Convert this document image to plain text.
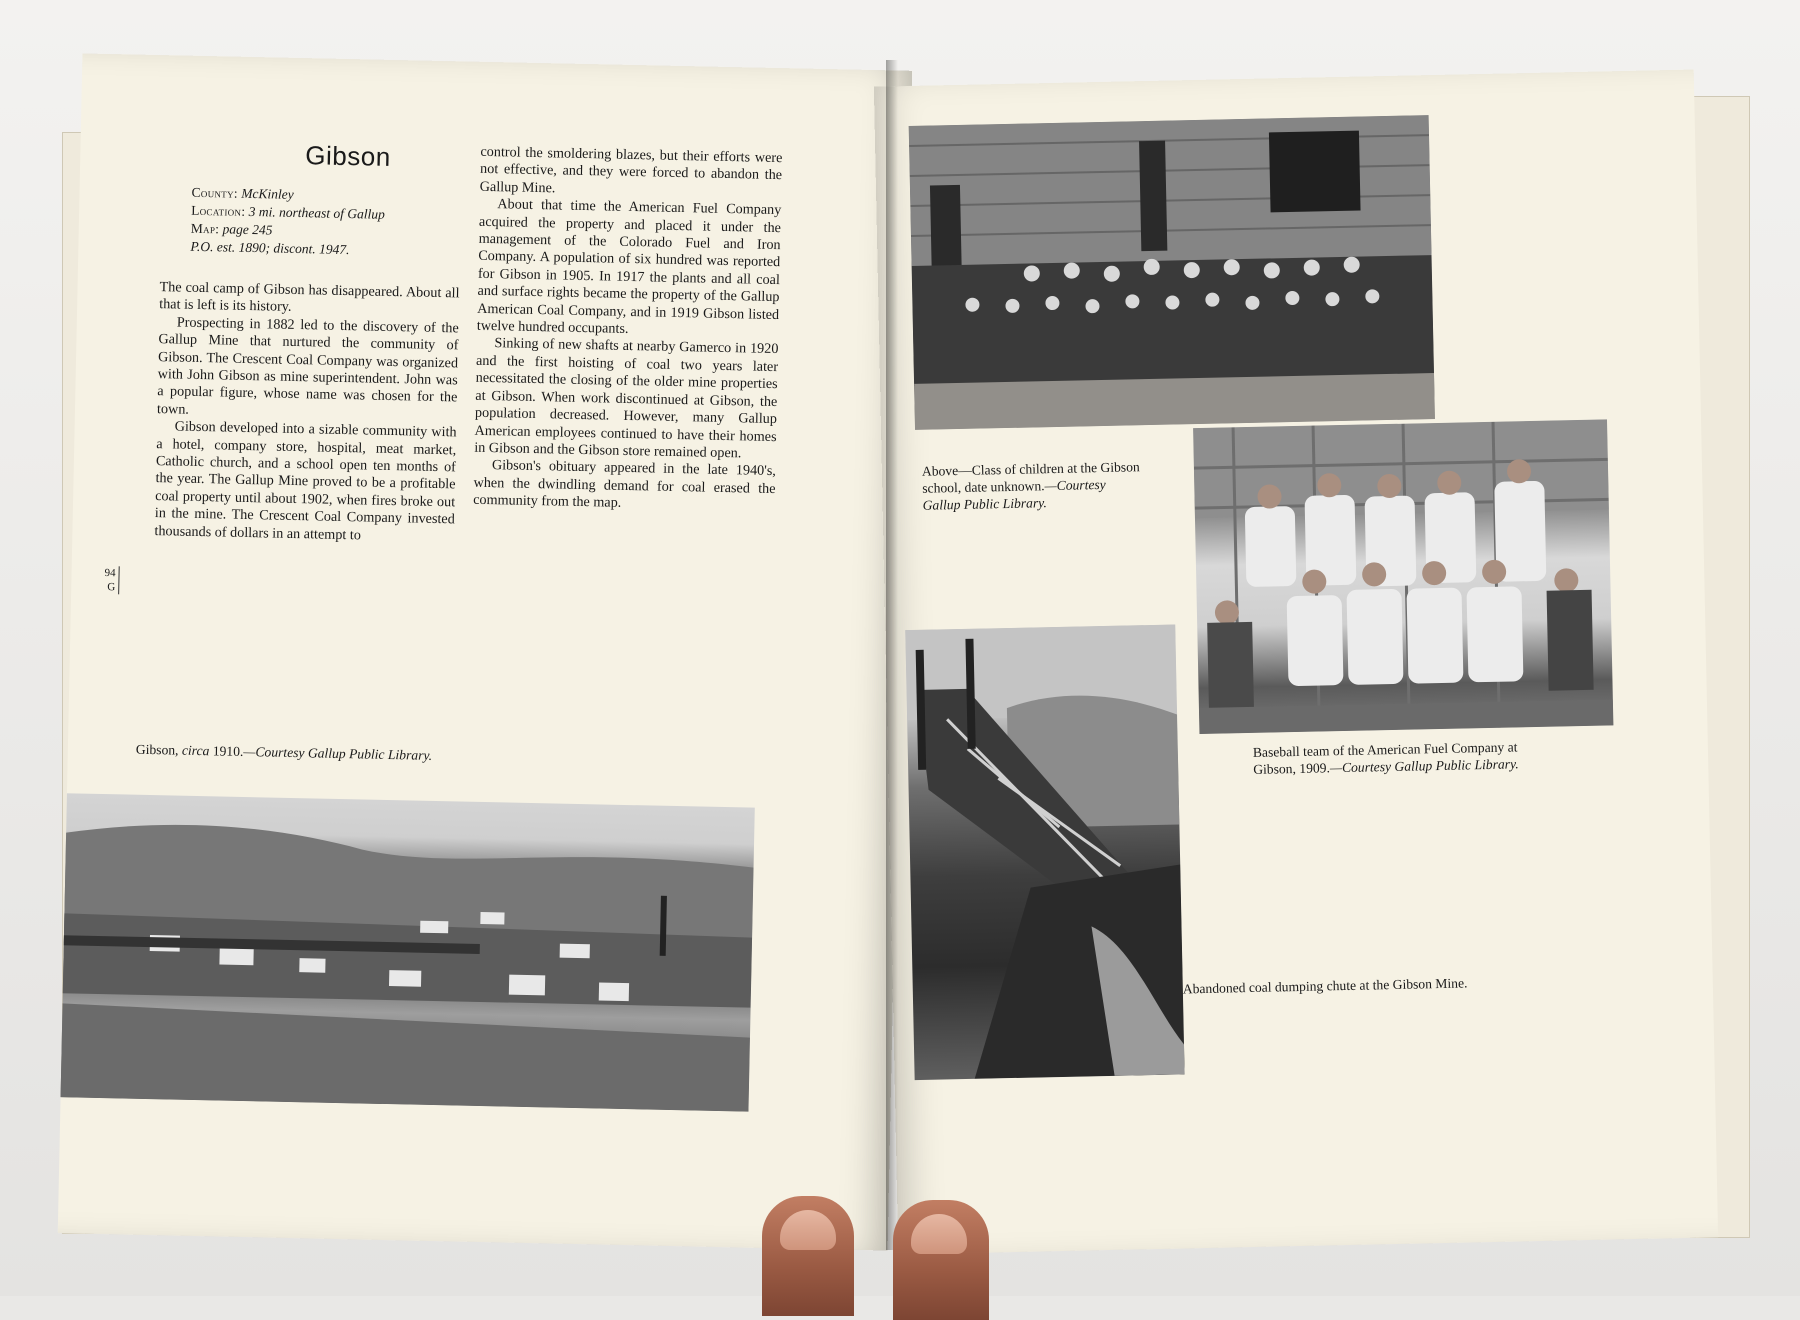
Gibson
County: McKinley
Location: 3 mi. northeast of Gallup
Map: page 245
P.O. est. 1890; discont. 1947.

The coal camp of Gibson has disappeared. About all that is left is its history.

Prospecting in 1882 led to the discovery of the Gallup Mine that nurtured the community of Gibson. The Crescent Coal Company was organized with John Gibson as mine superintendent. John was a popular figure, whose name was chosen for the town.

Gibson developed into a sizable community with a hotel, company store, hospital, meat market, Catholic church, and a school open ten months of the year. The Gallup Mine proved to be a profitable coal property until about 1902, when fires broke out in the mine. The Crescent Coal Company invested thousands of dollars in an attempt to

control the smoldering blazes, but their efforts were not effective, and they were forced to abandon the Gallup Mine.

About that time the American Fuel Company acquired the property and placed it under the management of the Colorado Fuel and Iron Company. A population of six hundred was reported for Gibson in 1905. In 1917 the plants and all coal and surface rights became the property of the Gallup American Coal Company, and in 1919 Gibson listed twelve hundred occupants.

Sinking of new shafts at nearby Gamerco in 1920 and the first hoisting of coal two years later necessitated the closing of the older mine properties at Gibson. When work discontinued at Gibson, the population decreased. However, many Gallup American employees continued to have their homes in Gibson and the Gibson store remained open.

Gibson's obituary appeared in the late 1940's, when the dwindling demand for coal erased the community from the map.

94
G
Gibson, circa 1910.—Courtesy Gallup Public Library.
Above—Class of children at the Gibson school, date unknown.—Courtesy Gallup Public Library.
Baseball team of the American Fuel Company at Gibson, 1909.—Courtesy Gallup Public Library.
Abandoned coal dumping chute at the Gibson Mine.
